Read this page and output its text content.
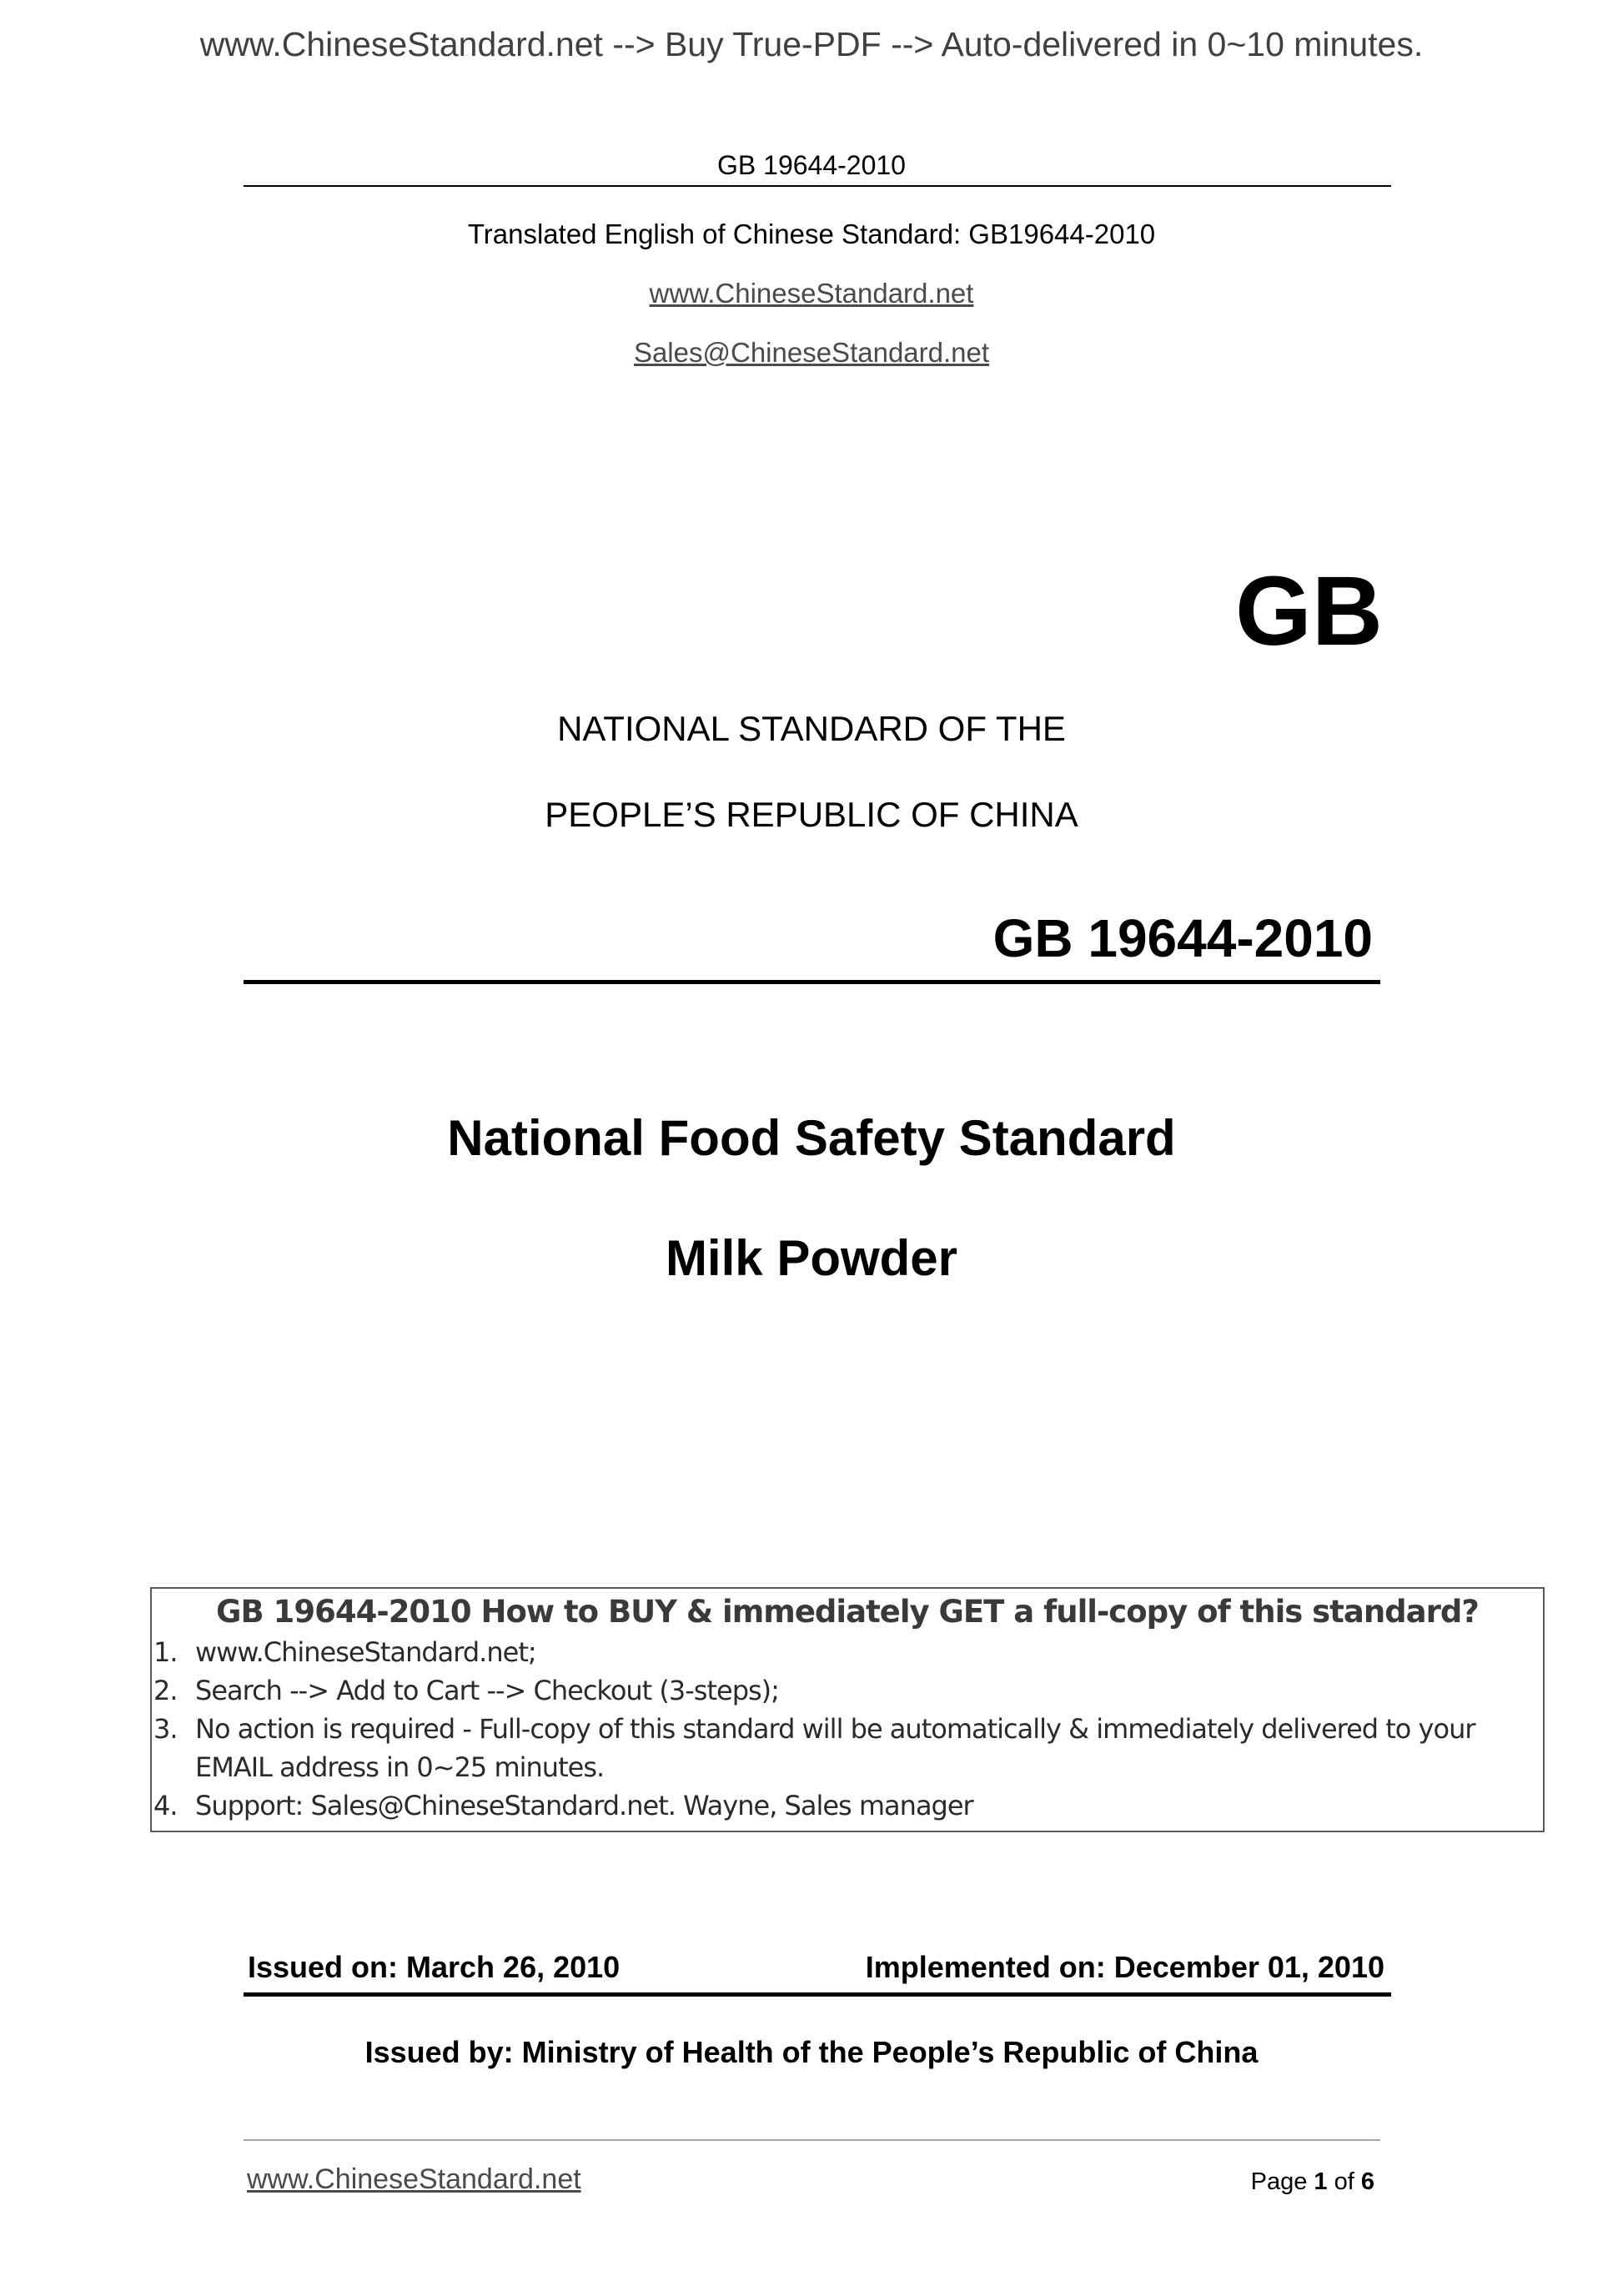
www.ChineseStandard.net --> Buy True-PDF --> Auto-delivered in 0~10 minutes.
GB 19644-2010
Translated English of Chinese Standard: GB19644-2010
www.ChineseStandard.net
Sales@ChineseStandard.net
GB
NATIONAL STANDARD OF THE
PEOPLE’S REPUBLIC OF CHINA
GB 19644-2010
National Food Safety Standard
Milk Powder
GB 19644-2010 How to BUY & immediately GET a full-copy of this standard?
1. www.ChineseStandard.net;
2. Search --> Add to Cart --> Checkout (3-steps);
3. No action is required - Full-copy of this standard will be automatically & immediately delivered to your EMAIL address in 0~25 minutes.
4. Support: Sales@ChineseStandard.net. Wayne, Sales manager
Issued on: March 26, 2010	Implemented on: December 01, 2010
Issued by: Ministry of Health of the People’s Republic of China
www.ChineseStandard.net	Page 1 of 6
